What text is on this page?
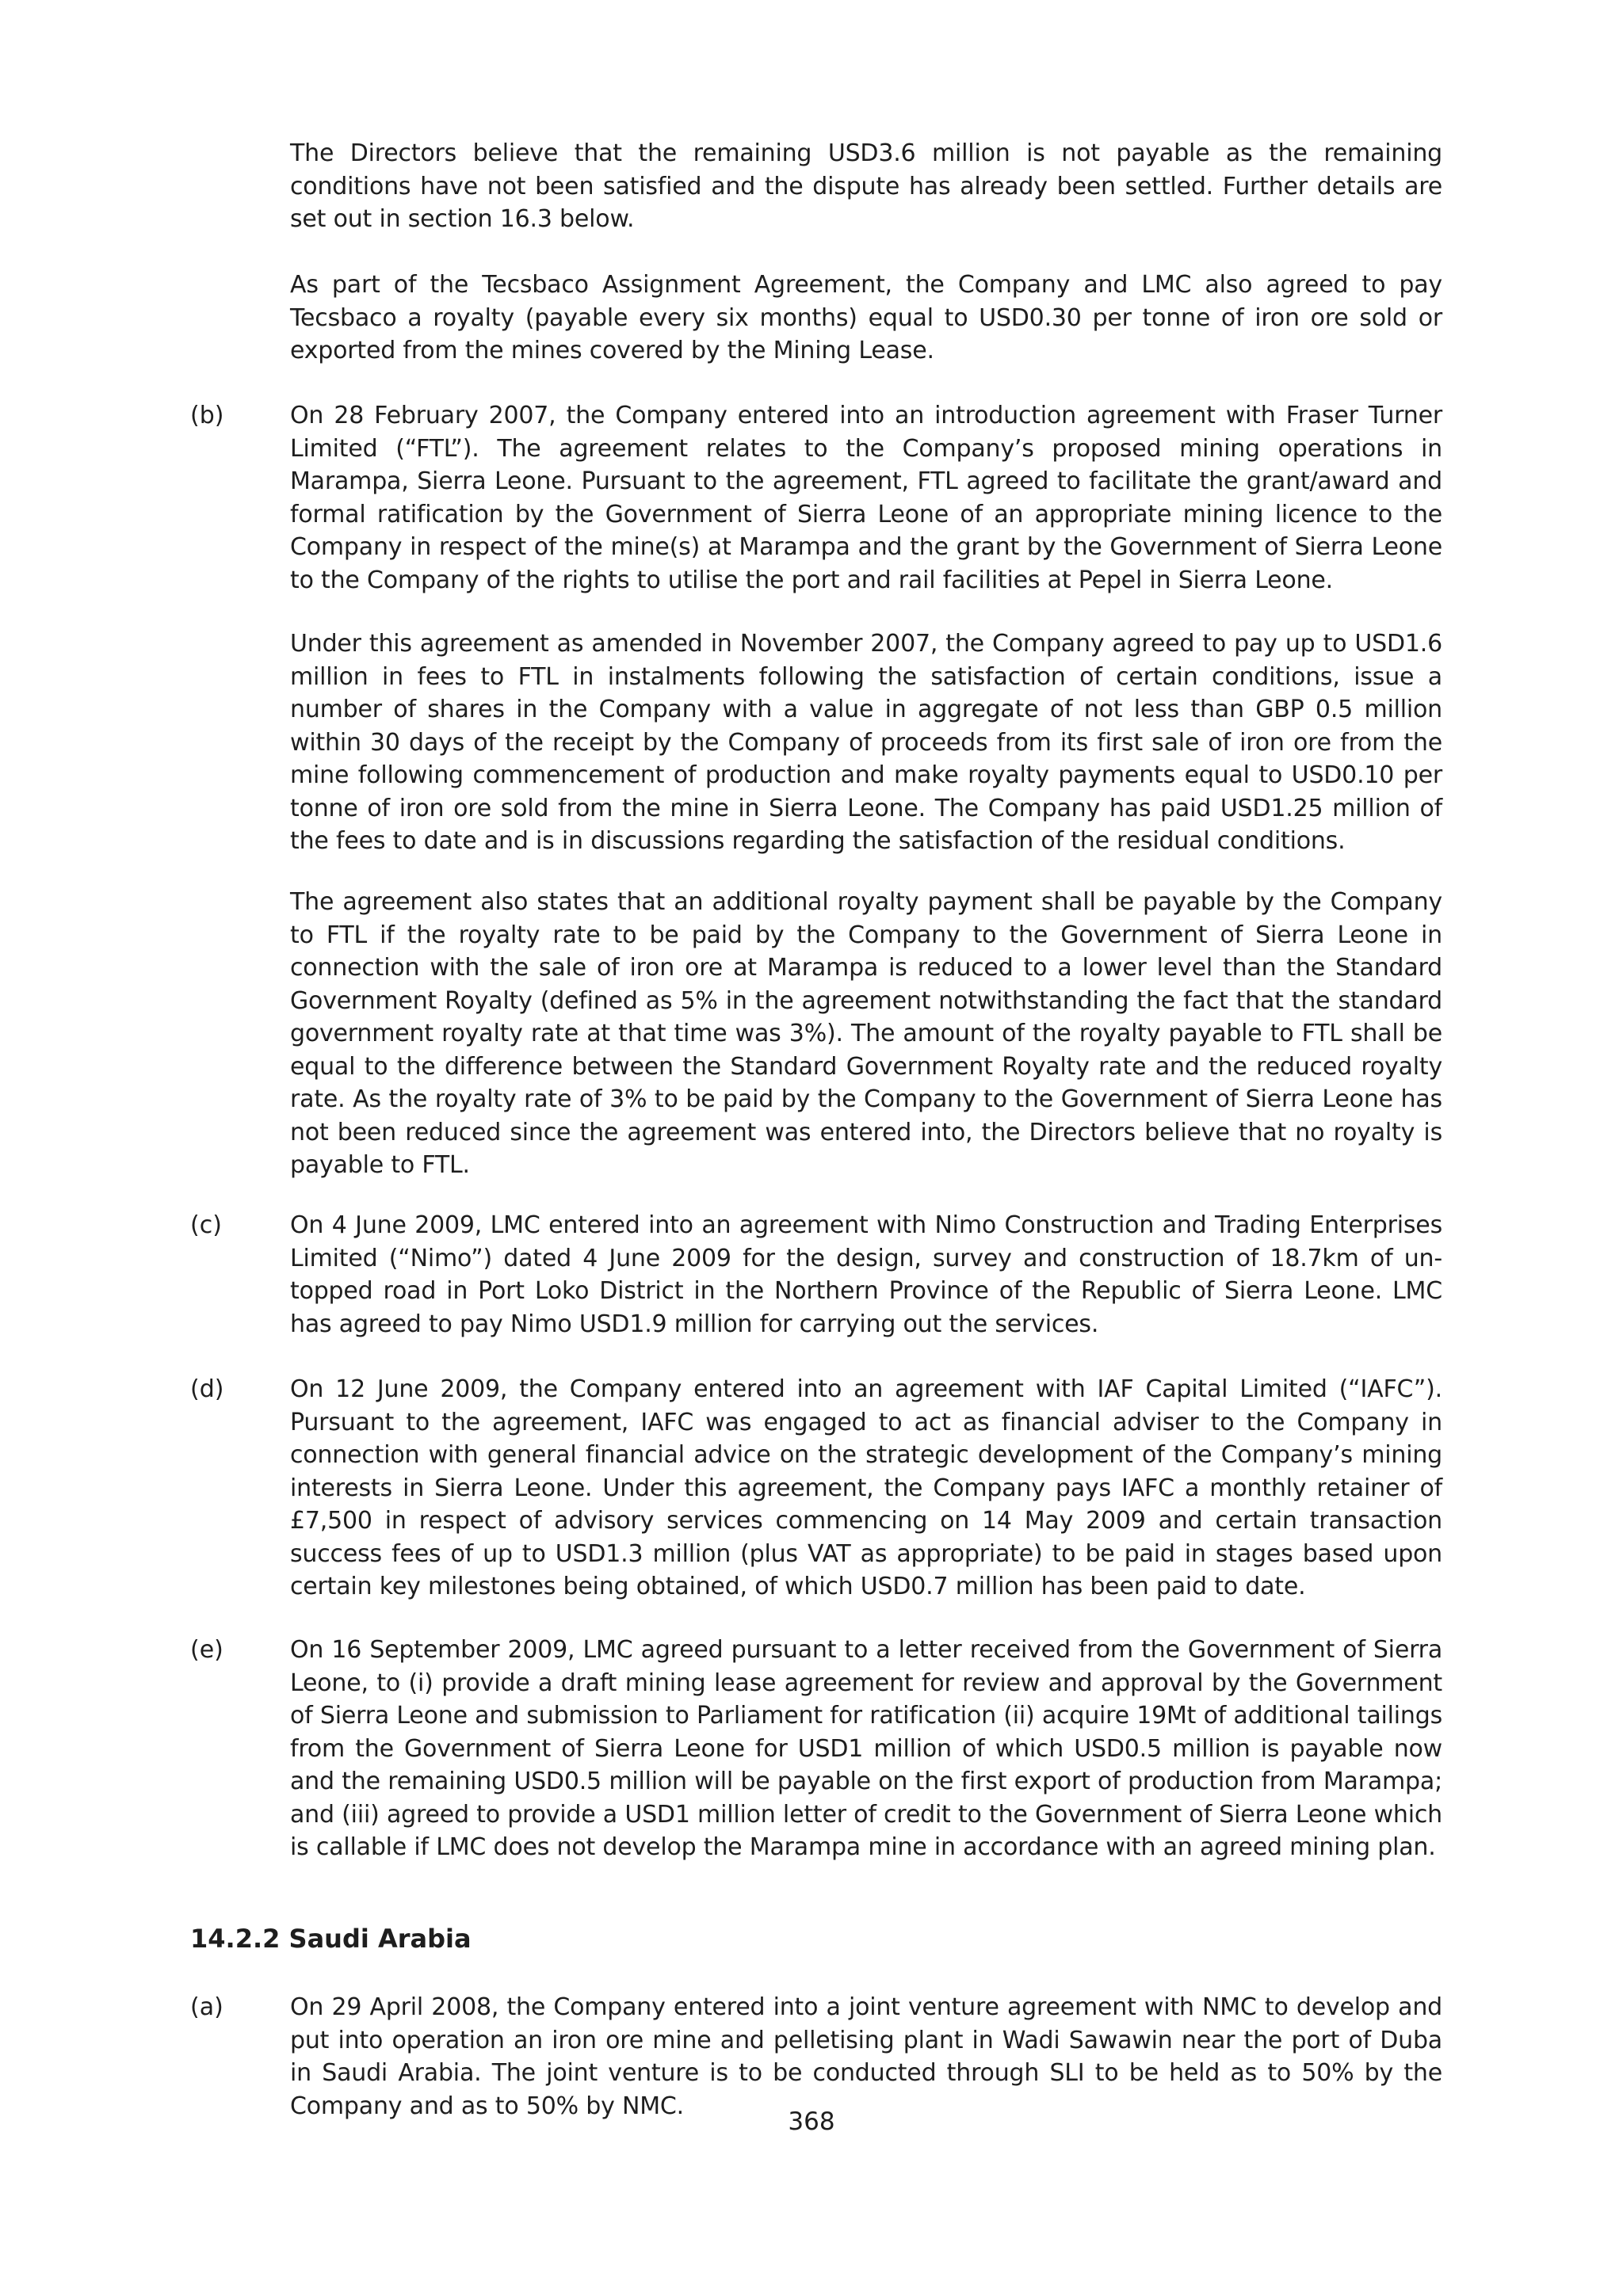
The Directors believe that the remaining USD3.6 million is not payable as the remaining conditions have not been satisfied and the dispute has already been settled. Further details are set out in section 16.3 below.

As part of the Tecsbaco Assignment Agreement, the Company and LMC also agreed to pay Tecsbaco a royalty (payable every six months) equal to USD0.30 per tonne of iron ore sold or exported from the mines covered by the Mining Lease.

(b)	On 28 February 2007, the Company entered into an introduction agreement with Fraser Turner Limited (“FTL”). The agreement relates to the Company’s proposed mining operations in Marampa, Sierra Leone. Pursuant to the agreement, FTL agreed to facilitate the grant/award and formal ratification by the Government of Sierra Leone of an appropriate mining licence to the Company in respect of the mine(s) at Marampa and the grant by the Government of Sierra Leone to the Company of the rights to utilise the port and rail facilities at Pepel in Sierra Leone.

Under this agreement as amended in November 2007, the Company agreed to pay up to USD1.6 million in fees to FTL in instalments following the satisfaction of certain conditions, issue a number of shares in the Company with a value in aggregate of not less than GBP 0.5 million within 30 days of the receipt by the Company of proceeds from its first sale of iron ore from the mine following commencement of production and make royalty payments equal to USD0.10 per tonne of iron ore sold from the mine in Sierra Leone. The Company has paid USD1.25 million of the fees to date and is in discussions regarding the satisfaction of the residual conditions.

The agreement also states that an additional royalty payment shall be payable by the Company to FTL if the royalty rate to be paid by the Company to the Government of Sierra Leone in connection with the sale of iron ore at Marampa is reduced to a lower level than the Standard Government Royalty (defined as 5% in the agreement notwithstanding the fact that the standard government royalty rate at that time was 3%). The amount of the royalty payable to FTL shall be equal to the difference between the Standard Government Royalty rate and the reduced royalty rate. As the royalty rate of 3% to be paid by the Company to the Government of Sierra Leone has not been reduced since the agreement was entered into, the Directors believe that no royalty is payable to FTL.

(c)	On 4 June 2009, LMC entered into an agreement with Nimo Construction and Trading Enterprises Limited (“Nimo”) dated 4 June 2009 for the design, survey and construction of 18.7km of un-topped road in Port Loko District in the Northern Province of the Republic of Sierra Leone. LMC has agreed to pay Nimo USD1.9 million for carrying out the services.

(d)	On 12 June 2009, the Company entered into an agreement with IAF Capital Limited (“IAFC”). Pursuant to the agreement, IAFC was engaged to act as financial adviser to the Company in connection with general financial advice on the strategic development of the Company’s mining interests in Sierra Leone. Under this agreement, the Company pays IAFC a monthly retainer of £7,500 in respect of advisory services commencing on 14 May 2009 and certain transaction success fees of up to USD1.3 million (plus VAT as appropriate) to be paid in stages based upon certain key milestones being obtained, of which USD0.7 million has been paid to date.

(e)	On 16 September 2009, LMC agreed pursuant to a letter received from the Government of Sierra Leone, to (i) provide a draft mining lease agreement for review and approval by the Government of Sierra Leone and submission to Parliament for ratification (ii) acquire 19Mt of additional tailings from the Government of Sierra Leone for USD1 million of which USD0.5 million is payable now and the remaining USD0.5 million will be payable on the first export of production from Marampa; and (iii) agreed to provide a USD1 million letter of credit to the Government of Sierra Leone which is callable if LMC does not develop the Marampa mine in accordance with an agreed mining plan.

14.2.2 Saudi Arabia

(a)	On 29 April 2008, the Company entered into a joint venture agreement with NMC to develop and put into operation an iron ore mine and pelletising plant in Wadi Sawawin near the port of Duba in Saudi Arabia. The joint venture is to be conducted through SLI to be held as to 50% by the Company and as to 50% by NMC.

368
